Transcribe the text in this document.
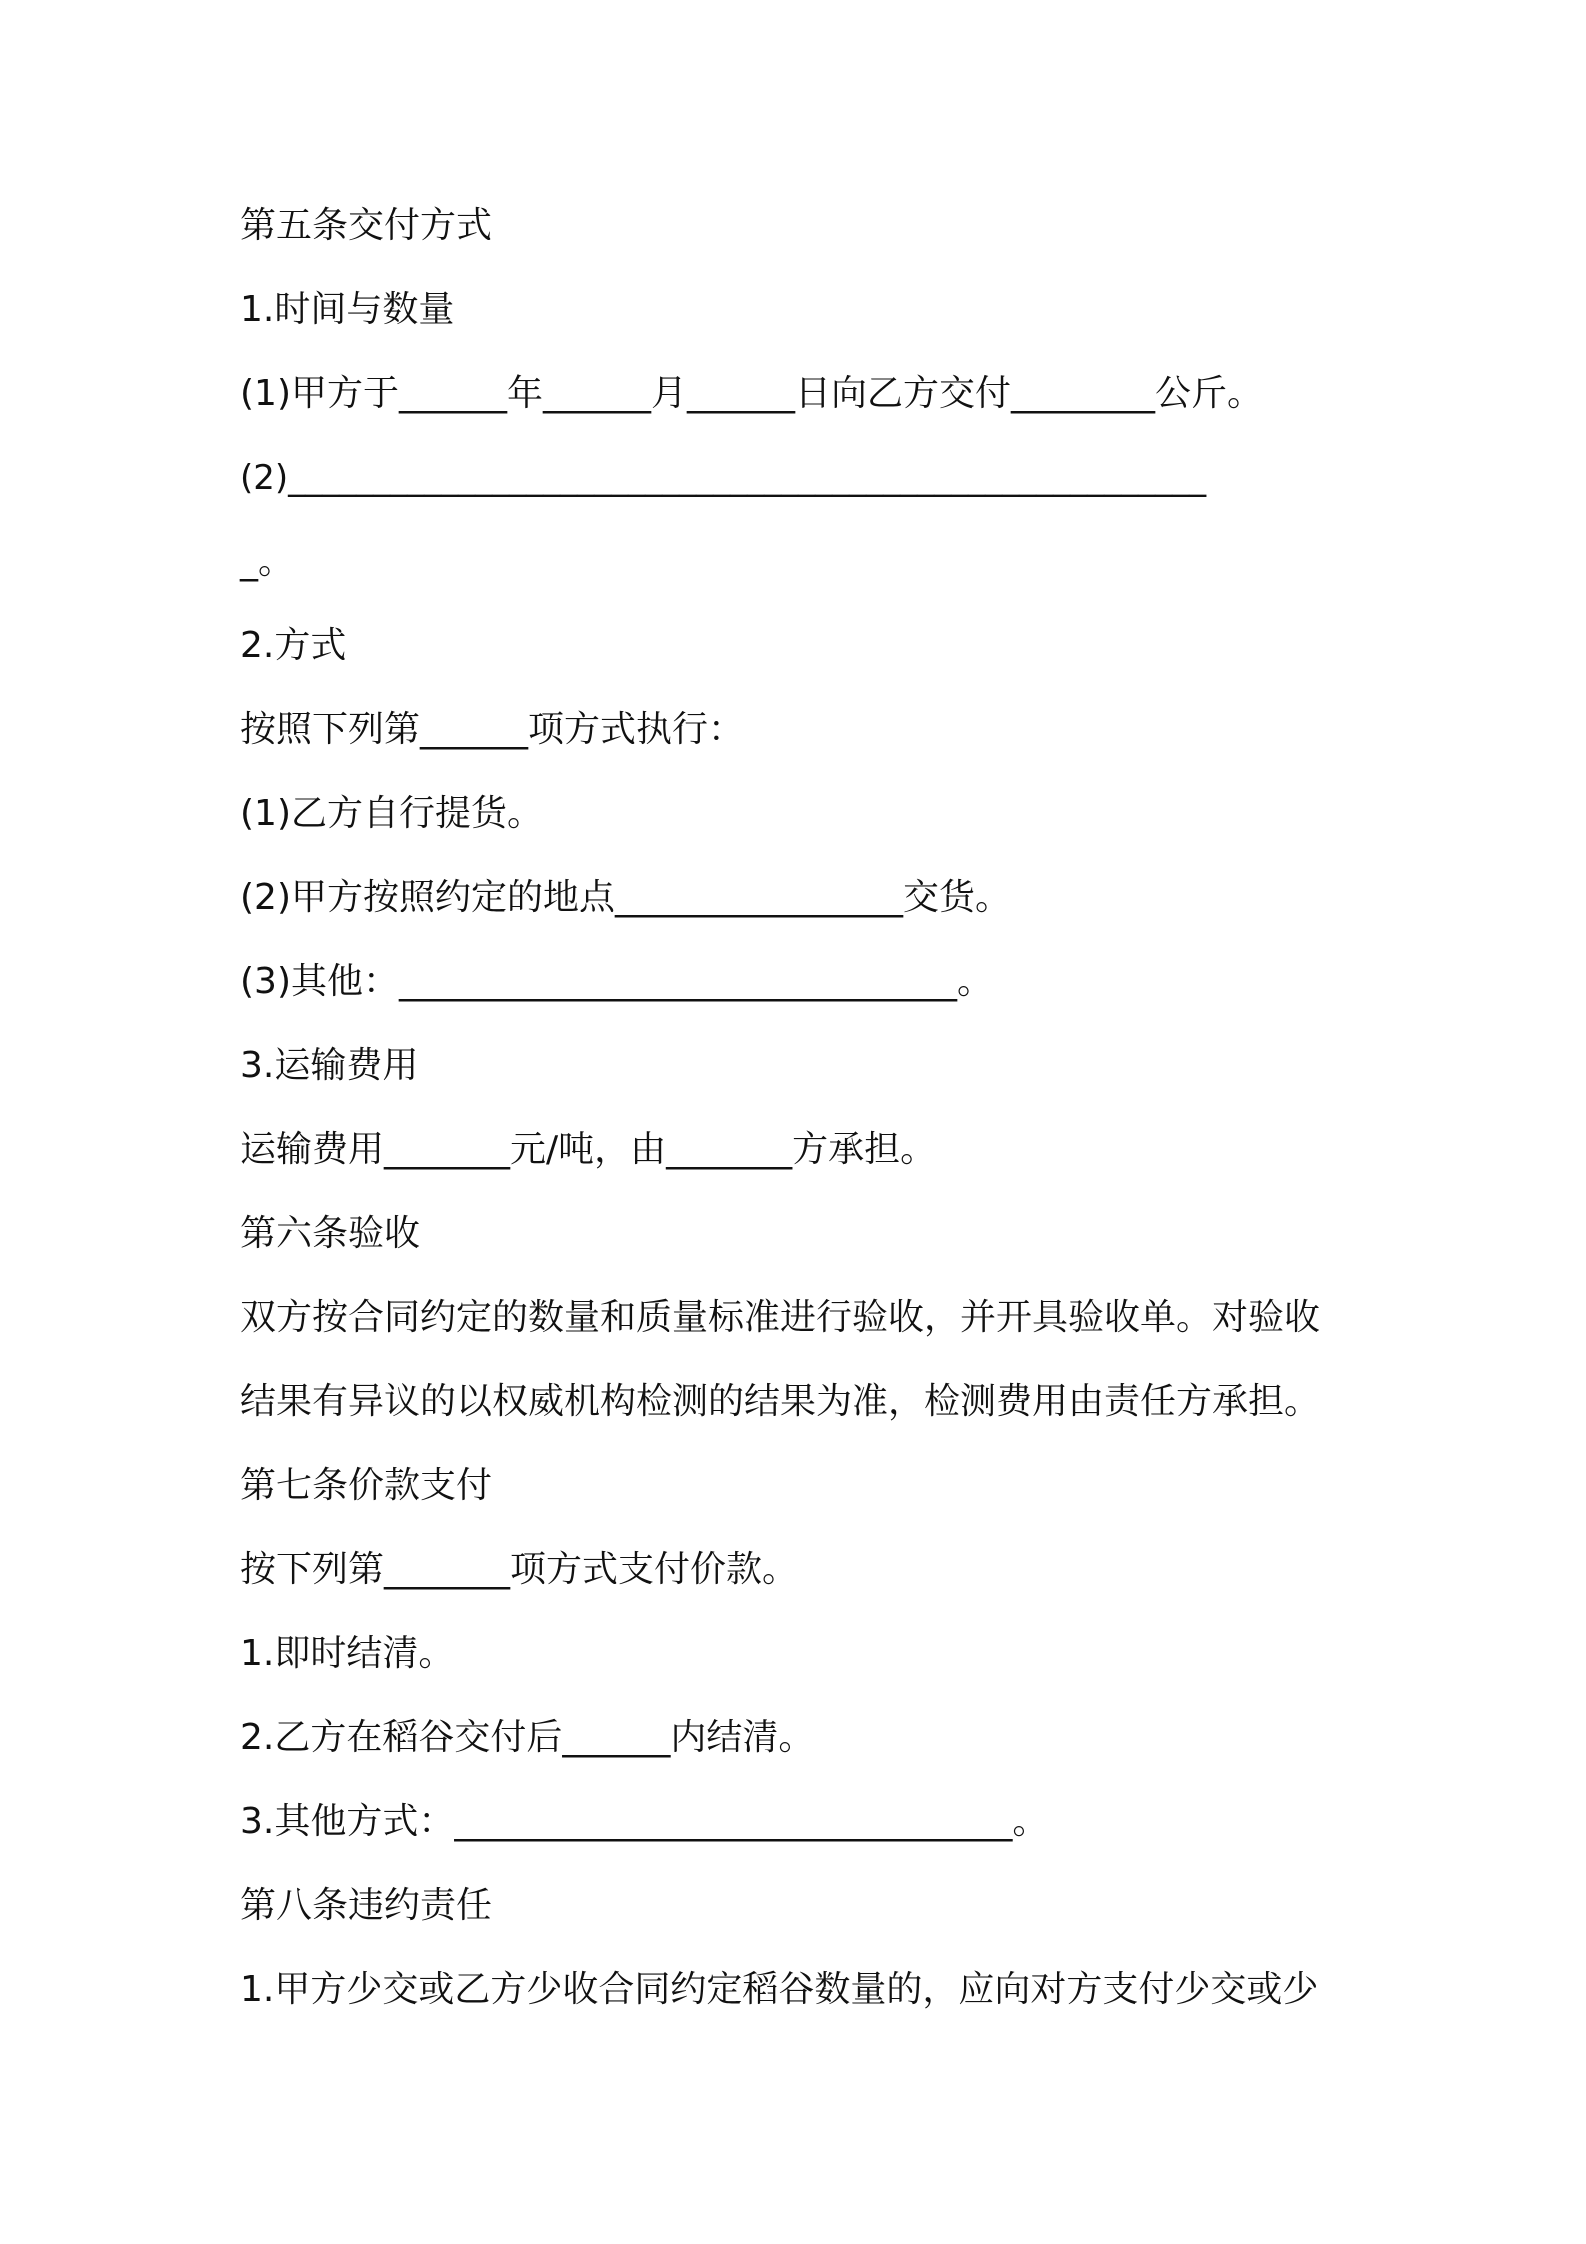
第五条交付方式
1.时间与数量
(1)甲方于______年______月______日向乙方交付________公斤。
(2)______________________________________________________
_。
2.方式
按照下列第______项方式执行：
(1)乙方自行提货。
(2)甲方按照约定的地点________________交货。
(3)其他：_______________________________。
3.运输费用
运输费用_______元/吨，由_______方承担。
第六条验收
双方按合同约定的数量和质量标准进行验收，并开具验收单。对验收
结果有异议的以权威机构检测的结果为准，检测费用由责任方承担。
第七条价款支付
按下列第_______项方式支付价款。
1.即时结清。
2.乙方在稻谷交付后______内结清。
3.其他方式：_______________________________。
第八条违约责任
1.甲方少交或乙方少收合同约定稻谷数量的，应向对方支付少交或少
